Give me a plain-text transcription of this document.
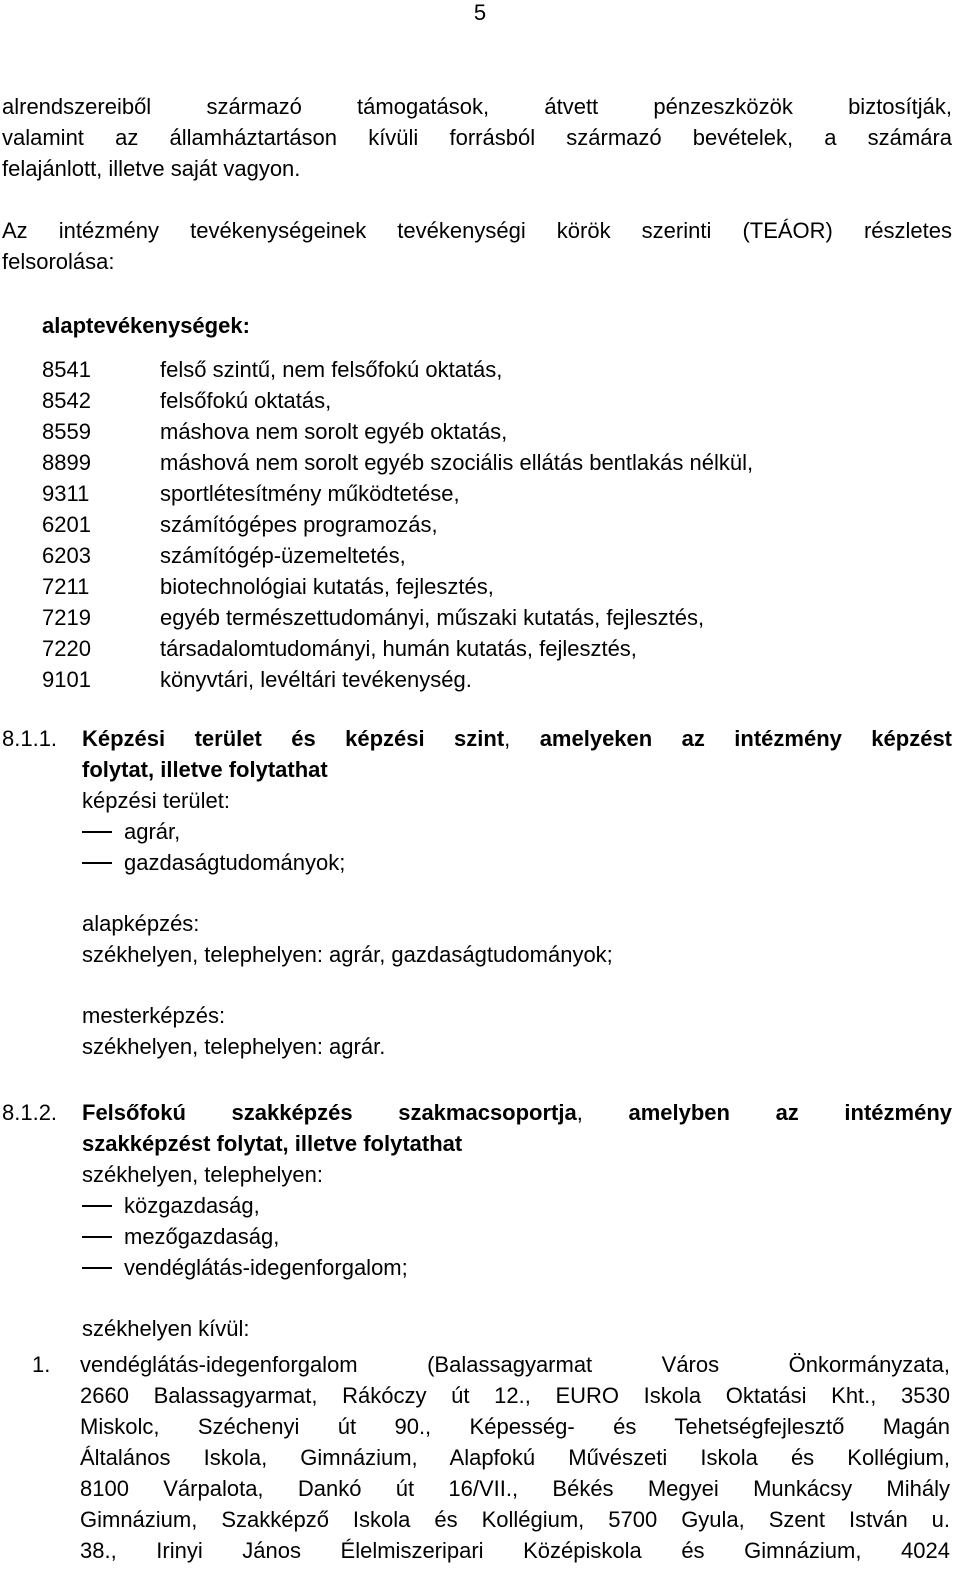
5
alrendszereiből származó támogatások, átvett pénzeszközök biztosítják,
valamint az államháztartáson kívüli forrásból származó bevételek, a számára
felajánlott, illetve saját vagyon.
Az intézmény tevékenységeinek tevékenységi körök szerinti (TEÁOR) részletes
felsorolása:
alaptevékenységek:
8541	felső szintű, nem felsőfokú oktatás,
8542	felsőfokú oktatás,
8559	máshova nem sorolt egyéb oktatás,
8899	máshová nem sorolt egyéb szociális ellátás bentlakás nélkül,
9311	sportlétesítmény működtetése,
6201	számítógépes programozás,
6203	számítógép-üzemeltetés,
7211	biotechnológiai kutatás, fejlesztés,
7219	egyéb természettudományi, műszaki kutatás, fejlesztés,
7220	társadalomtudományi, humán kutatás, fejlesztés,
9101	könyvtári, levéltári tevékenység.
8.1.1. Képzési terület és képzési szint, amelyeken az intézmény képzést
folytat, illetve folytathat
képzési terület:
agrár,
gazdaságtudományok;
alapképzés:
székhelyen, telephelyen: agrár, gazdaságtudományok;
mesterképzés:
székhelyen, telephelyen: agrár.
8.1.2. Felsőfokú szakképzés szakmacsoportja, amelyben az intézmény
szakképzést folytat, illetve folytathat
székhelyen, telephelyen:
közgazdaság,
mezőgazdaság,
vendéglátás-idegenforgalom;
székhelyen kívül:
1. vendéglátás-idegenforgalom (Balassagyarmat Város Önkormányzata,
2660 Balassagyarmat, Rákóczy út 12., EURO Iskola Oktatási Kht., 3530
Miskolc, Széchenyi út 90., Képesség- és Tehetségfejlesztő Magán
Általános Iskola, Gimnázium, Alapfokú Művészeti Iskola és Kollégium,
8100 Várpalota, Dankó út 16/VII., Békés Megyei Munkácsy Mihály
Gimnázium, Szakképző Iskola és Kollégium, 5700 Gyula, Szent István u.
38., Irinyi János Élelmiszeripari Középiskola és Gimnázium, 4024
